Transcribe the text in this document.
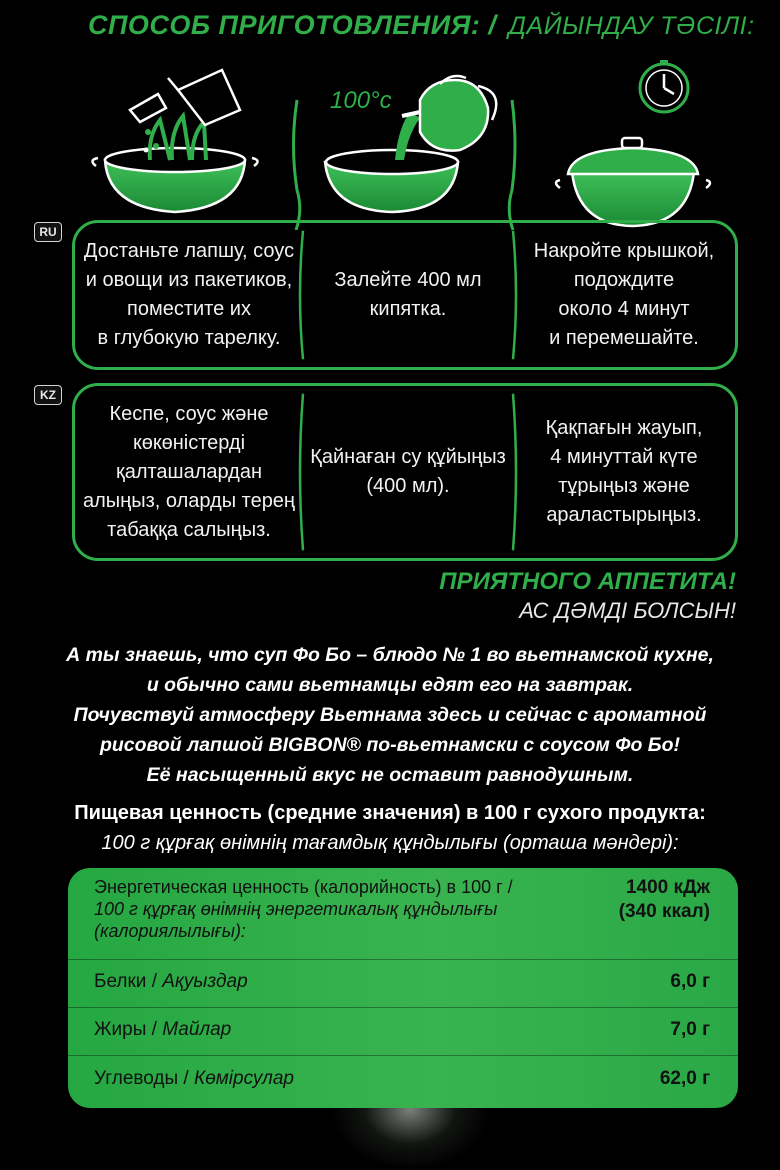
СПОСОБ ПРИГОТОВЛЕНИЯ: / ДАЙЫНДАУ ТӘСІЛІ:
100°c
RU
Достаньте лапшу, соус
и овощи из пакетиков,
поместите их
в глубокую тарелку.
Залейте 400 мл
кипятка.
Накройте крышкой,
подождите
около 4 минут
и перемешайте.
KZ
Кеспе, соус және
көкөністерді
қалташалардан
алыңыз, оларды терең
табаққа салыңыз.
Қайнаған су құйыңыз
(400 мл).
Қақпағын жауып,
4 минуттай күте
тұрыңыз және
араластырыңыз.
ПРИЯТНОГО АППЕТИТА!
АС ДӘМДІ БОЛСЫН!
А ты знаешь, что суп Фо Бо – блюдо № 1 во вьетнамской кухне,
и обычно сами вьетнамцы едят его на завтрак.
Почувствуй атмосферу Вьетнама здесь и сейчас с ароматной
рисовой лапшой BIGBON® по-вьетнамски с соусом Фо Бо!
Её насыщенный вкус не оставит равнодушным.
Пищевая ценность (средние значения) в 100 г сухого продукта:
100 г құрғақ өнімнің тағамдық құндылығы (орташа мәндері):
Энергетическая ценность (калорийность) в 100 г /
100 г құрғақ өнімнің энергетикалық құндылығы
(калориялылығы):
1400 кДж
(340 ккал)
Белки / Ақуыздар	6,0 г
Жиры / Майлар	7,0 г
Углеводы / Көмірсулар	62,0 г
